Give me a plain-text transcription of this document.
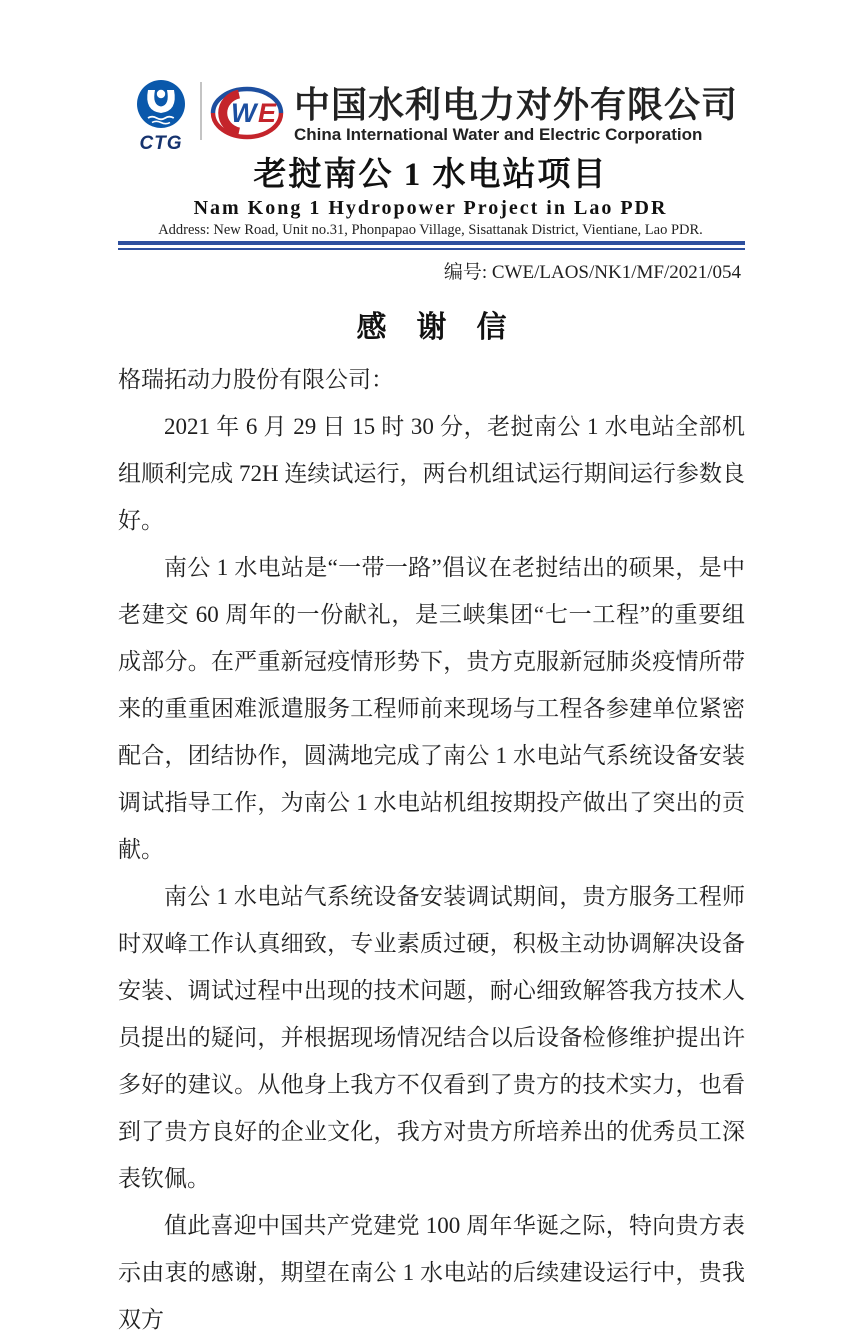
CTG
W E 中国水利电力对外有限公司
China International Water and Electric Corporation
老挝南公 1 水电站项目
Nam Kong 1 Hydropower Project in Lao PDR
Address: New Road, Unit no.31, Phonpapao Village, Sisattanak District, Vientiane, Lao PDR.
编号: CWE/LAOS/NK1/MF/2021/054
感　谢　信

格瑞拓动力股份有限公司：

2021 年 6 月 29 日 15 时 30 分，老挝南公 1 水电站全部机组顺利完成 72H 连续试运行，两台机组试运行期间运行参数良好。

南公 1 水电站是“一带一路”倡议在老挝结出的硕果，是中老建交 60 周年的一份献礼，是三峡集团“七一工程”的重要组成部分。在严重新冠疫情形势下，贵方克服新冠肺炎疫情所带来的重重困难派遣服务工程师前来现场与工程各参建单位紧密配合，团结协作，圆满地完成了南公 1 水电站气系统设备安装调试指导工作，为南公 1 水电站机组按期投产做出了突出的贡献。

南公 1 水电站气系统设备安装调试期间，贵方服务工程师时双峰工作认真细致，专业素质过硬，积极主动协调解决设备安装、调试过程中出现的技术问题，耐心细致解答我方技术人员提出的疑问，并根据现场情况结合以后设备检修维护提出许多好的建议。从他身上我方不仅看到了贵方的技术实力，也看到了贵方良好的企业文化，我方对贵方所培养出的优秀员工深表钦佩。

值此喜迎中国共产党建党 100 周年华诞之际，特向贵方表示由衷的感谢，期望在南公 1 水电站的后续建设运行中，贵我双方
